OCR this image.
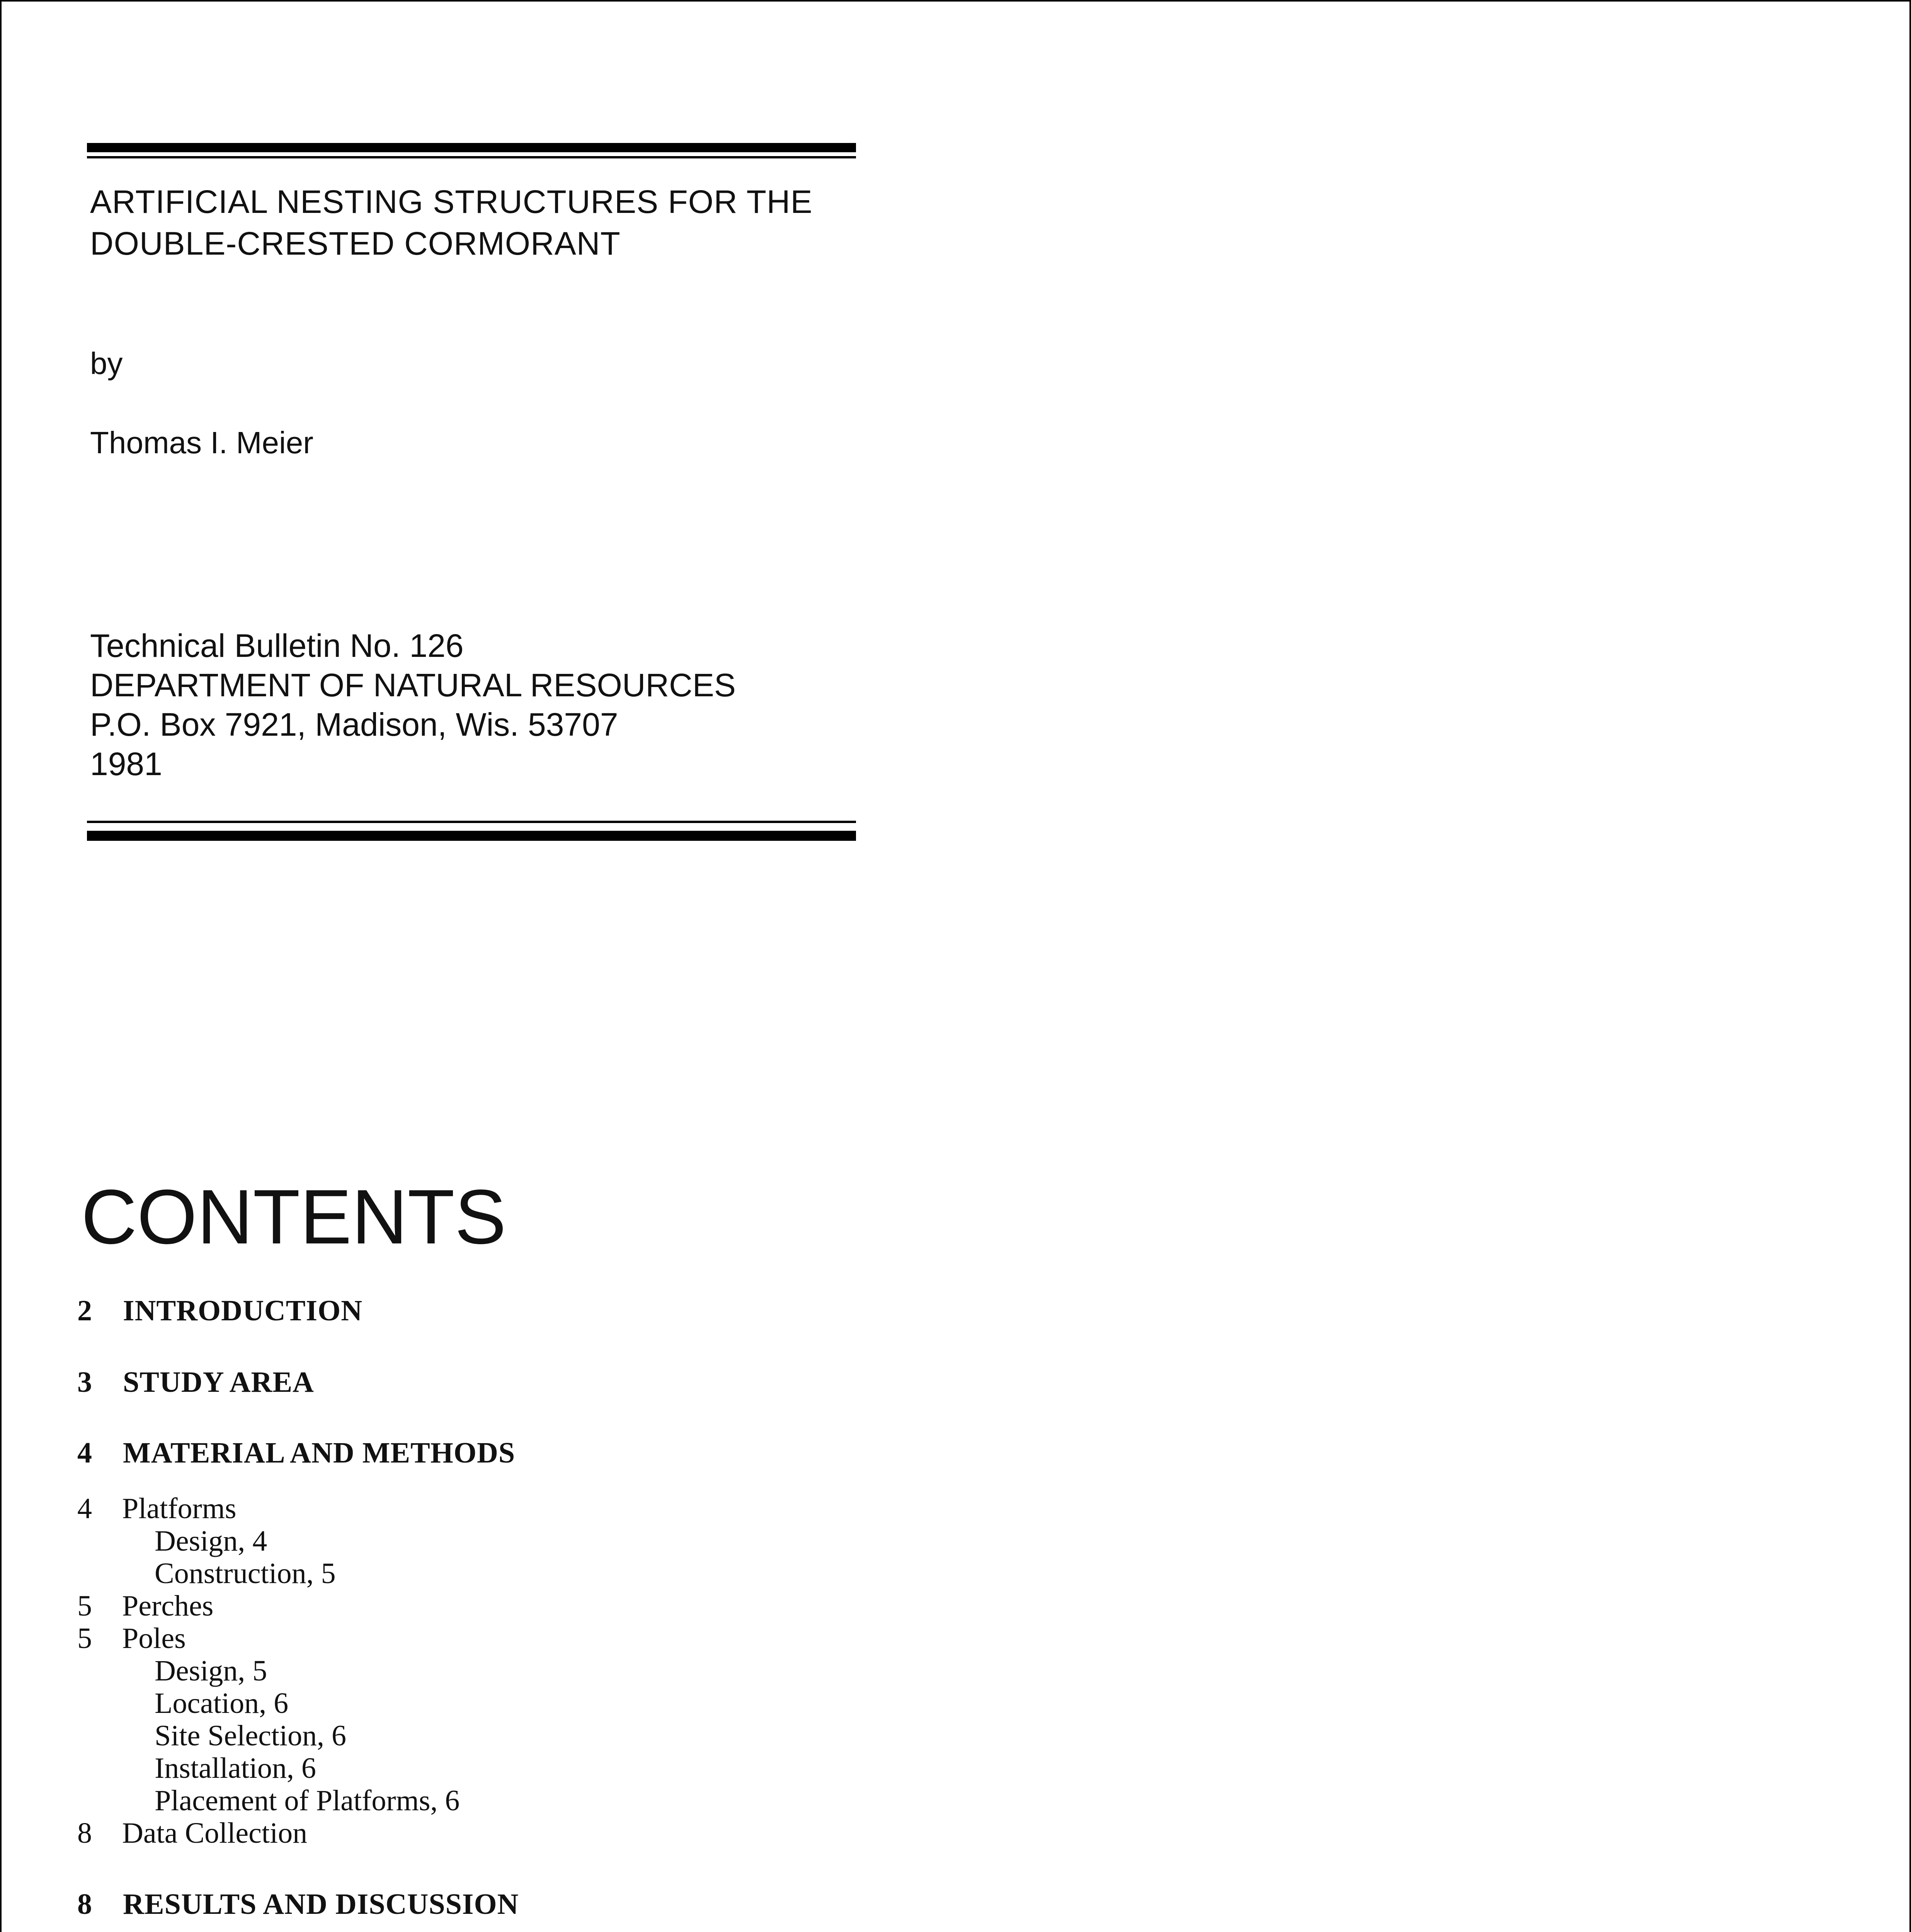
ARTIFICIAL NESTING STRUCTURES FOR THE
DOUBLE-CRESTED CORMORANT
by
Thomas I. Meier
Technical Bulletin No. 126
DEPARTMENT OF NATURAL RESOURCES
P.O. Box 7921, Madison, Wis. 53707
1981
CONTENTS
2 INTRODUCTION
3 STUDY AREA
4 MATERIAL AND METHODS
4 Platforms
Design, 4
Construction, 5
5 Perches
5 Poles
Design, 5
Location, 6
Site Selection, 6
Installation, 6
Placement of Platforms, 6
8 Data Collection
8 RESULTS AND DISCUSSION
